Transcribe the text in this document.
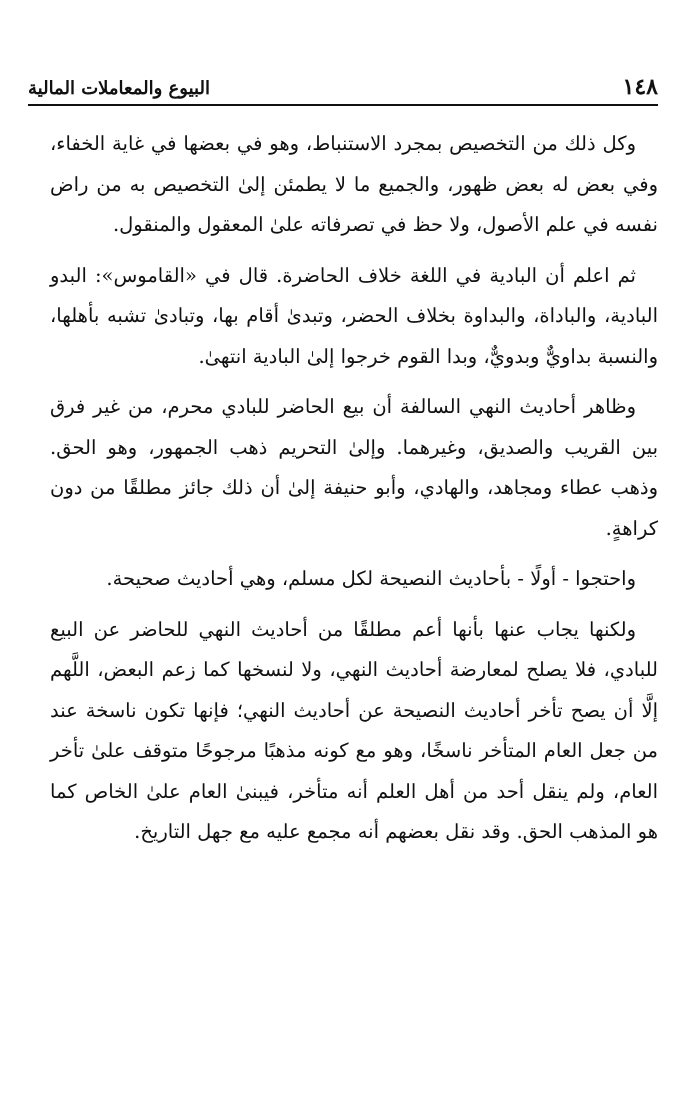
١٤٨
البيوع والمعاملات المالية

وكل ذلك من التخصيص بمجرد الاستنباط، وهو في بعضها في غاية الخفاء، وفي بعض له بعض ظهور، والجميع ما لا يطمئن إلىٰ التخصيص به من راض نفسه في علم الأصول، ولا حظ في تصرفاته علىٰ المعقول والمنقول.

ثم اعلم أن البادية في اللغة خلاف الحاضرة. قال في «القاموس»: البدو البادية، والباداة، والبداوة بخلاف الحضر، وتبدىٰ أقام بها، وتبادىٰ تشبه بأهلها، والنسبة بداويٌّ وبدويٌّ، وبدا القوم خرجوا إلىٰ البادية انتهىٰ.

وظاهر أحاديث النهي السالفة أن بيع الحاضر للبادي محرم، من غير فرق بين القريب والصديق، وغيرهما. وإلىٰ التحريم ذهب الجمهور، وهو الحق. وذهب عطاء ومجاهد، والهادي، وأبو حنيفة إلىٰ أن ذلك جائز مطلقًا من دون كراهةٍ.

واحتجوا - أولًا - بأحاديث النصيحة لكل مسلم، وهي أحاديث صحيحة.

ولكنها يجاب عنها بأنها أعم مطلقًا من أحاديث النهي للحاضر عن البيع للبادي، فلا يصلح لمعارضة أحاديث النهي، ولا لنسخها كما زعم البعض، اللَّهم إلَّا أن يصح تأخر أحاديث النصيحة عن أحاديث النهي؛ فإنها تكون ناسخة عند من جعل العام المتأخر ناسخًا، وهو مع كونه مذهبًا مرجوحًا متوقف علىٰ تأخر العام، ولم ينقل أحد من أهل العلم أنه متأخر، فيبنىٰ العام علىٰ الخاص كما هو المذهب الحق. وقد نقل بعضهم أنه مجمع عليه مع جهل التاريخ.
